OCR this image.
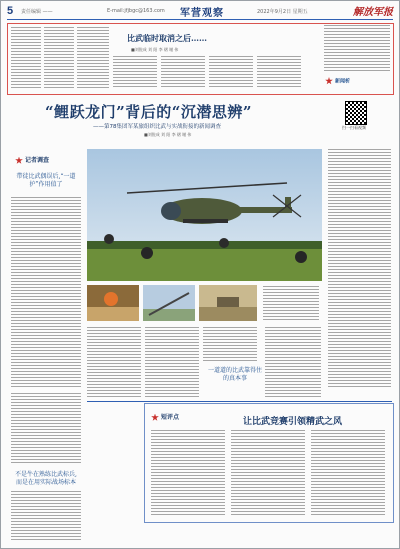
5 责任编辑 ——	E-mail:jfjbgc@163.com 军营观察	2022年9月2日 星期五	解放军报
比武临时取消之后……
■刘锐成 刘 阳 李 熠 谢 伟
新闻析
“鲤跃龙门”背后的“沉潜思辨”
——第78集团军某旅组织比武与实战衔接的新闻调查
■刘锐成 刘 阳 李 熠 谢 伟
扫一扫看视频
记者调查
带徒比武偶误后,“一道护”作用值了
不是牛在熟练比武标兵,而是在用实际战场标本
一道道的比武靠得住的真本事
短评点	让比武竞赛引领精武之风
